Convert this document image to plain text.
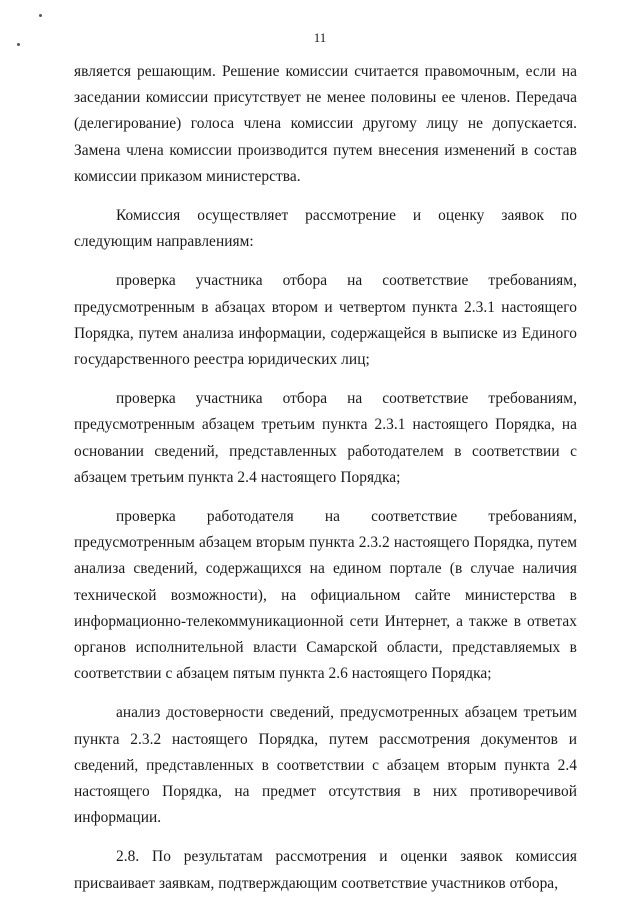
11

является решающим. Решение комиссии считается правомочным, если на заседании комиссии присутствует не менее половины ее членов. Передача (делегирование) голоса члена комиссии другому лицу не допускается. Замена члена комиссии производится путем внесения изменений в состав комиссии приказом министерства.

Комиссия осуществляет рассмотрение и оценку заявок по следующим направлениям:

проверка участника отбора на соответствие требованиям, предусмотренным в абзацах втором и четвертом пункта 2.3.1 настоящего Порядка, путем анализа информации, содержащейся в выписке из Единого государственного реестра юридических лиц;

проверка участника отбора на соответствие требованиям, предусмотренным абзацем третьим пункта 2.3.1 настоящего Порядка, на основании сведений, представленных работодателем в соответствии с абзацем третьим пункта 2.4 настоящего Порядка;

проверка работодателя на соответствие требованиям, предусмотренным абзацем вторым пункта 2.3.2 настоящего Порядка, путем анализа сведений, содержащихся на едином портале (в случае наличия технической возможности), на официальном сайте министерства в информационно-телекоммуникационной сети Интернет, а также в ответах органов исполнительной власти Самарской области, представляемых в соответствии с абзацем пятым пункта 2.6 настоящего Порядка;

анализ достоверности сведений, предусмотренных абзацем третьим пункта 2.3.2 настоящего Порядка, путем рассмотрения документов и сведений, представленных в соответствии с абзацем вторым пункта 2.4 настоящего Порядка, на предмет отсутствия в них противоречивой информации.

2.8. По результатам рассмотрения и оценки заявок комиссия присваивает заявкам, подтверждающим соответствие участников отбора,
